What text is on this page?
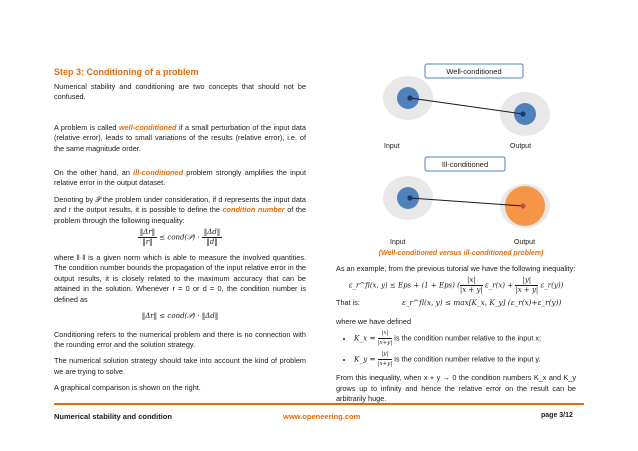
Step 3: Conditioning of a problem

Numerical stability and conditioning are two concepts that should not be confused.

A problem is called well-conditioned if a small perturbation of the input data (relative error), leads to small variations of the results (relative error), i.e. of the same magnitude order.

On the other hand, an ill-conditioned problem strongly amplifies the input relative error in the output dataset.

Denoting by 𝒫 the problem under consideration, if d represents the input data and r the output results, it is possible to define the condition number of the problem through the following inequality:

$\frac{‖\Delta r‖}{‖r‖}$ ≤ cond(𝒫) · $\frac{‖\Delta d‖}{‖d‖}$

where ‖·‖ is a given norm which is able to measure the involved quantities. The condition number bounds the propagation of the input relative error in the output results, it is closely related to the maximum accuracy that can be attained in the solution. Whenever r = 0 or d = 0, the condition number is defined as

‖Δr‖ ≤ cond(𝒫) · ‖Δd‖

Conditioning refers to the numerical problem and there is no connection with the rounding error and the solution strategy.

The numerical solution strategy should take into account the kind of problem we are trying to solve.

A graphical comparison is shown on the right.

Well-conditioned
Input	Output
Ill-conditioned
Input	Output
(Well-conditioned versus ill-conditioned problem)

As an example, from the previous tutorial we have the following inequality:

ε_r^fl(x, y) ≤ Eps + (1 + Eps) ( $\frac{|x|}{|x + y|}$ ε_r(x) + $\frac{|y|}{|x + y|}$ ε_r(y))
That is:	ε_r^fl(x, y) ≤ max[K_x, K_y] (ε_r(x)+ε_r(y))

where we have defined

• K_x = $\frac{|x|}{|x+y|}$ is the condition number relative to the input x;
• K_y = $\frac{|y|}{|x+y|}$ is the condition number relative to the input y.

From this inequality, when x + y → 0 the condition numbers K_x and K_y grows up to infinity and hence the relative error on the result can be arbitrarily huge.

Numerical stability and condition	www.openeering.com	page 3/12
